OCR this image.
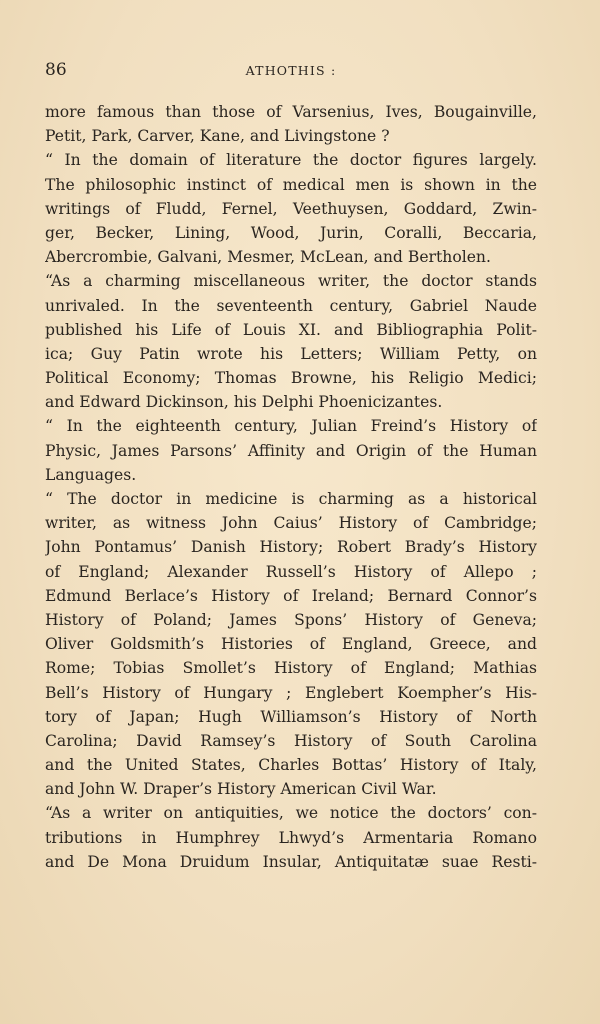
86	ATHOTHIS :
more famous than those of Varsenius, Ives, Bougainville,
Petit, Park, Carver, Kane, and Livingstone ?
“ In the domain of literature the doctor figures largely.
The philosophic instinct of medical men is shown in the
writings of Fludd, Fernel, Veethuysen, Goddard, Zwin-
ger, Becker, Lining, Wood, Jurin, Coralli, Beccaria,
Abercrombie, Galvani, Mesmer, McLean, and Bertholen.
“As a charming miscellaneous writer, the doctor stands
unrivaled. In the seventeenth century, Gabriel Naude
published his Life of Louis XI. and Bibliographia Polit-
ica; Guy Patin wrote his Letters; William Petty, on
Political Economy; Thomas Browne, his Religio Medici;
and Edward Dickinson, his Delphi Phoenicizantes.
“ In the eighteenth century, Julian Freind’s History of
Physic, James Parsons’ Affinity and Origin of the Human
Languages.
“ The doctor in medicine is charming as a historical
writer, as witness John Caius’ History of Cambridge;
John Pontamus’ Danish History; Robert Brady’s History
of England; Alexander Russell’s History of Allepo ;
Edmund Berlace’s History of Ireland; Bernard Connor’s
History of Poland; James Spons’ History of Geneva;
Oliver Goldsmith’s Histories of England, Greece, and
Rome; Tobias Smollet’s History of England; Mathias
Bell’s History of Hungary ; Englebert Koempher’s His-
tory of Japan; Hugh Williamson’s History of North
Carolina; David Ramsey’s History of South Carolina
and the United States, Charles Bottas’ History of Italy,
and John W. Draper’s History American Civil War.
“As a writer on antiquities, we notice the doctors’ con-
tributions in Humphrey Lhwyd’s Armentaria Romano
and De Mona Druidum Insular, Antiquitatæ suae Resti-
